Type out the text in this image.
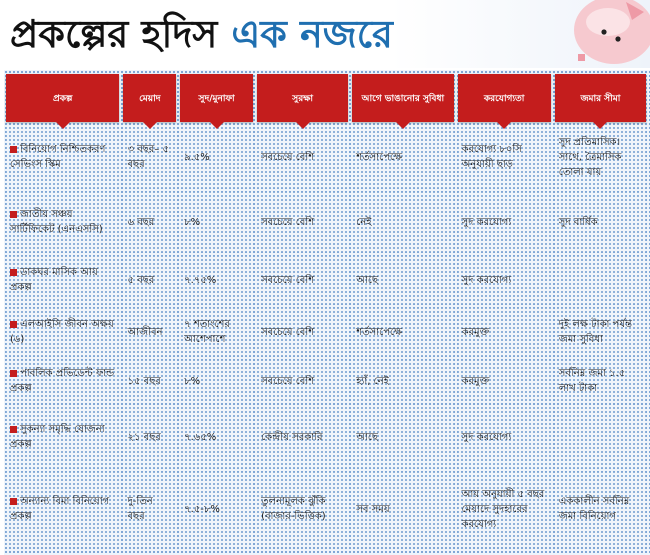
প্রকল্পের হদিস এক নজরে
প্রকল্প	মেয়াদ	সুদ/মুনাফা	সুরক্ষা	আগে ভাঙানোর সুবিধা	করযোগ্যতা	জমার সীমা
বিনিয়োগ নিশ্চিতকরণ সেভিংস স্কিম	৩ বছর– ৫ বছর	৯.৫%	সবচেয়ে বেশি	শর্তসাপেক্ষে	করযোগ্য ৮০সি অনুযায়ী ছাড়	সুদ প্রতিমাসিক। সাথে, ত্রৈমাসিক তোলা যায়
জাতীয় সঞ্চয় সার্টিফিকেট (এনএসসি)	৬ বছর	৮%	সবচেয়ে বেশি	নেই	সুদ করযোগ্য	সুদ বার্ষিক
ডাকঘর মাসিক আয় প্রকল্প	৫ বছর	৭.৭৫%	সবচেয়ে বেশি	আছে	সুদ করযোগ্য	
এলআইসি জীবন অক্ষয় (৬)	আজীবন	৭ শতাংশের আশেপাশে	সবচেয়ে বেশি	শর্তসাপেক্ষে	করমুক্ত	দুই লক্ষ টাকা পর্যন্ত জমা সুবিধা
পাবলিক প্রভিডেন্ট ফান্ড প্রকল্প	১৫ বছর	৮%	সবচেয়ে বেশি	হ্যাঁ, নেই	করমুক্ত	সর্বনিম্ন জমা ১.৫ লাখ টাকা
সুকন্যা সমৃদ্ধি যোজনা প্রকল্প	২১ বছর	৭.৬৫%	কেন্দ্রীয় সরকারি	আছে	সুদ করযোগ্য	
অন্যান্য বিমা বিনিয়োগ প্রকল্প	দু-তিন বছর	৭.৫-৮%	তুলনামূলক ঝুঁকি (বাজার-ভিত্তিক)	সব সময়	আয় অনুযায়ী ৫ বছর মেয়াদে সুদহারের করযোগ্য	এককালীন সর্বনিম্ন জমা বিনিয়োগ
